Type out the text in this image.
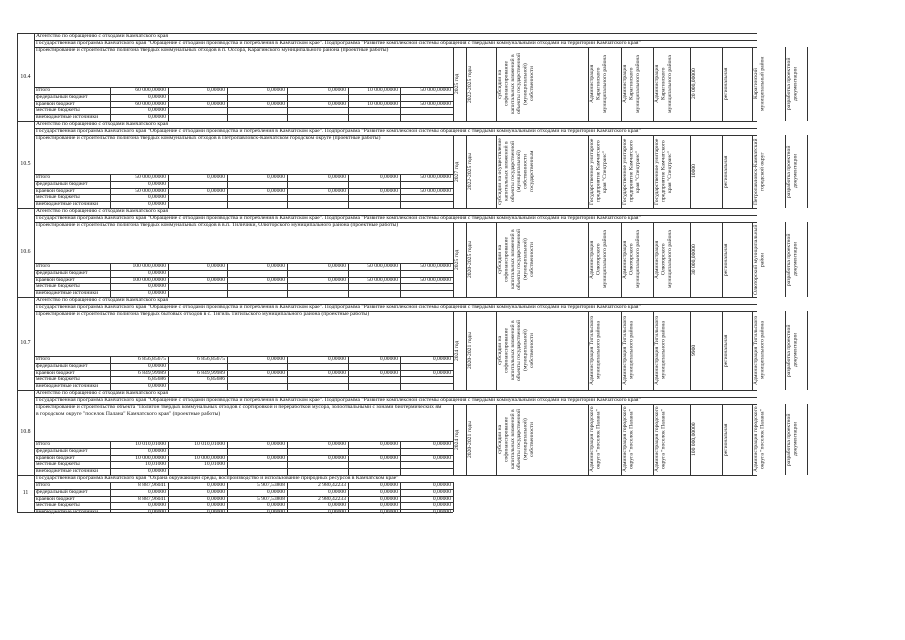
10.4
Агентство по обращению с отходами Камчатского края
Государственная программа Камчатского края "Обращение с отходами производства и потребления в Камчатском крае". Подпрограмма "Развитие комплексной системы обращения с твердыми коммунальными отходами на территории Камчатского края"
Проектирование и строительство полигона твердых коммунальных отходов в п. Оссора, Карагинского муниципального района (проектные работы)
Итого	60 000,00000	0,00000	0,00000	0,00000	10 000,00000	50 000,00000
федеральный бюджет	0,00000
краевой бюджет	60 000,00000	0,00000	0,00000	0,00000	10 000,00000	50 000,00000
местные бюджеты	0,00000
внебюджетные источники	0,00000
2025 год	2022-2025 годы	субсидии на софинансирование капитальных вложений в объекты государственной (муниципальной) собственности	Администрация Карагинского муниципального района	Администрация Карагинского муниципального района	Администрация Карагинского муниципального района	20 000,00000	региональная	Карагинский муниципальный район	разработка проектной документации
10.5
Агентство по обращению с отходами Камчатского края
Государственная программа Камчатского края "Обращение с отходами производства и потребления в Камчатском крае". Подпрограмма "Развитие комплексной системы обращения с твердыми коммунальными отходами на территории Камчатского края"
Проектирование и строительство полигона твердых коммунальных отходов в Петропавловск-Камчатском городском округе (проектные работы)
Итого	50 000,00000	0,00000	0,00000	0,00000	0,00000	50 000,00000
федеральный бюджет	0,00000
краевой бюджет	50 000,00000	0,00000	0,00000	0,00000	0,00000	50 000,00000
местные бюджеты	0,00000
внебюджетные источники	0,00000
2027 год	2022-2025 годы	субсидии на осуществление капитальных вложений в объекты государственной (муниципальной) собственности государственным	Государственное унитарное предприятие Камчатского края "Спецтранс"	Государственное унитарное предприятие Камчатского края "Спецтранс"	Государственное унитарное предприятие Камчатского края "Спецтранс"	10000	региональная	Петропавловск-Камчатский городской округ	разработка проектной документации
10.6
Агентство по обращению с отходами Камчатского края
Государственная программа Камчатского края "Обращение с отходами производства и потребления в Камчатском крае". Подпрограмма "Развитие комплексной системы обращения с твердыми коммунальными отходами на территории Камчатского края"
Проектирование и строительство полигона твердых коммунальных отходов в в.п. Тиличики, Олюторского муниципального района (проектные работы)
Итого	100 000,00000	0,00000	0,00000	0,00000	50 000,00000	50 000,00000
федеральный бюджет	0,00000
краевой бюджет	100 000,00000	0,00000	0,00000	0,00000	50 000,00000	50 000,00000
местные бюджеты	0,00000
внебюджетные источники	0,00000
2025 год	2020-2025 годы	субсидии на софинансирование капитальных вложений в объекты государственной (муниципальной) собственности	Администрация Олюторского муниципального района	Администрация Олюторского муниципального района	Администрация Олюторского муниципального района	30 000,00000	региональная	Олюторский муниципальный район	разработка проектной документации
10.7
Агентство по обращению с отходами Камчатского края
Государственная программа Камчатского края "Обращение с отходами производства и потребления в Камчатском крае". Подпрограмма "Развитие комплексной системы обращения с твердыми коммунальными отходами на территории Камчатского края"
Проектирование и строительство полигона твердых бытовых отходов в с. Тигиль Тигильского муниципального района (проектные работы)
Итого	6 856,85675	6 856,85675	0,00000	0,00000	0,00000	0,00000
федеральный бюджет	0,00000
краевой бюджет	6 849,99989	6 849,99989	0,00000	0,00000	0,00000	0,00000
местные бюджеты	6,85686	6,85686
внебюджетные источники	0,00000
2024 год	2020-2021 годы	субсидии на софинансирование капитальных вложений в объекты государственной (муниципальной) собственности	Администрация Тигильского муниципального района	Администрация Тигильского муниципального района	Администрация Тигильского муниципального района	9900	региональная	Администрация Тигильского муниципального района	разработка проектной документации
10.8
Агентство по обращению с отходами Камчатского края
Государственная программа Камчатского края "Обращение с отходами производства и потребления в Камчатском крае". Подпрограмма "Развитие комплексной системы обращения с твердыми коммунальными отходами на территории Камчатского края"
Проектирование и строительство объекта "Полигон твердых коммунальных отходов с сортировкой и переработкой мусора, золоотвальными с зонами биотермических ям в городском округе "поселок Палана" Камчатского края" (проектные работы)
Итого	10 010,01000	10 010,01000	0,00000	0,00000	0,00000	0,00000
федеральный бюджет	0,00000
краевой бюджет	10 000,00000	10 000,00000	0,00000	0,00000	0,00000	0,00000
местные бюджеты	10,01000	10,01000
внебюджетные источники	0,00000
2024 год	2020-2021 годы	субсидии на софинансирование капитальных вложений в объекты государственной (муниципальной) собственности	Администрация городского округа "поселок Палана"	Администрация городского округа "поселок Палана"	Администрация городского округа "поселок Палана"	100 000,00000	региональная	Администрация городского округа "поселок Палана"	разработка проектной документации
11
Государственная программа Камчатского края "Охрана окружающей среды, воспроизводство и использование природных ресурсов в Камчатском крае"
Итого	8 887,96041	0,00000	5 907,53808	2 980,42233	0,00000	0,00000
федеральный бюджет	0,00000	0,00000	0,00000	0,00000	0,00000	0,00000
краевой бюджет	8 887,96041	0,00000	5 907,53808	2 980,42233	0,00000	0,00000
местные бюджеты	0,00000	0,00000	0,00000	0,00000	0,00000	0,00000
внебюджетные источники	0,00000	0,00000	0,00000	0,00000	0,00000	0,00000
